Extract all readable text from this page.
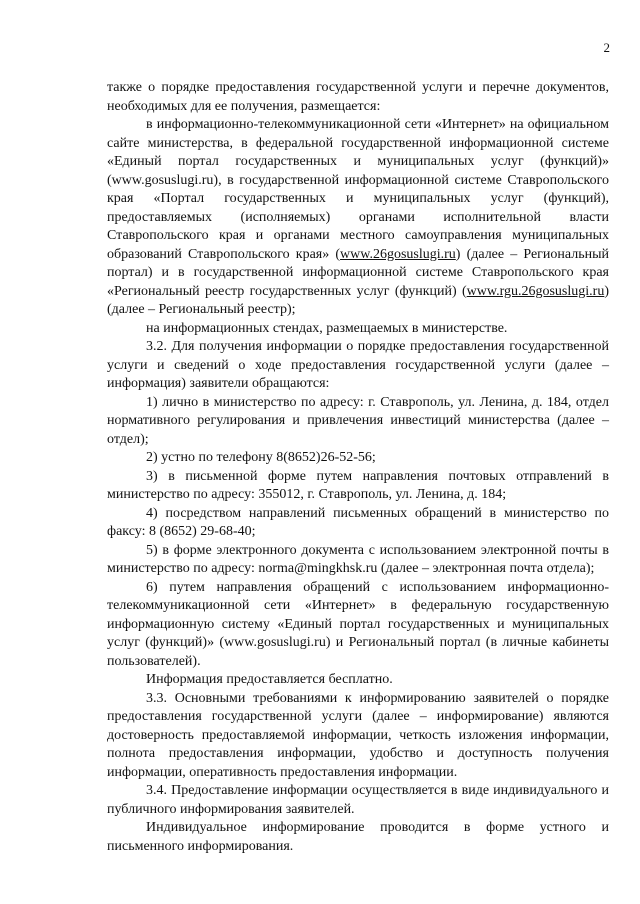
2

также о порядке предоставления государственной услуги и перечне документов, необходимых для ее получения, размещается:

в информационно-телекоммуникационной сети «Интернет» на официальном сайте министерства, в федеральной государственной информационной системе «Единый портал государственных и муниципальных услуг (функций)» (www.gosuslugi.ru), в государственной информационной системе Ставропольского края «Портал государственных и муниципальных услуг (функций), предоставляемых (исполняемых) органами исполнительной власти Ставропольского края и органами местного самоуправления муниципальных образований Ставропольского края» (www.26gosuslugi.ru) (далее – Региональный портал) и в государственной информационной системе Ставропольского края «Региональный реестр государственных услуг (функций) (www.rgu.26gosuslugi.ru) (далее – Региональный реестр);

на информационных стендах, размещаемых в министерстве.

3.2. Для получения информации о порядке предоставления государственной услуги и сведений о ходе предоставления государственной услуги (далее – информация) заявители обращаются:

1) лично в министерство по адресу: г. Ставрополь, ул. Ленина, д. 184, отдел нормативного регулирования и привлечения инвестиций министерства (далее – отдел);

2) устно по телефону 8(8652)26-52-56;

3) в письменной форме путем направления почтовых отправлений в министерство по адресу: 355012, г. Ставрополь, ул. Ленина, д. 184;

4) посредством направлений письменных обращений в министерство по факсу: 8 (8652) 29-68-40;

5) в форме электронного документа с использованием электронной почты в министерство по адресу: norma@mingkhsk.ru (далее – электронная почта отдела);

6) путем направления обращений с использованием информационно-телекоммуникационной сети «Интернет» в федеральную государственную информационную систему «Единый портал государственных и муниципальных услуг (функций)» (www.gosuslugi.ru) и Региональный портал (в личные кабинеты пользователей).

Информация предоставляется бесплатно.

3.3. Основными требованиями к информированию заявителей о порядке предоставления государственной услуги (далее – информирование) являются достоверность предоставляемой информации, четкость изложения информации, полнота предоставления информации, удобство и доступность получения информации, оперативность предоставления информации.

3.4. Предоставление информации осуществляется в виде индивидуального и публичного информирования заявителей.

Индивидуальное информирование проводится в форме устного и письменного информирования.
